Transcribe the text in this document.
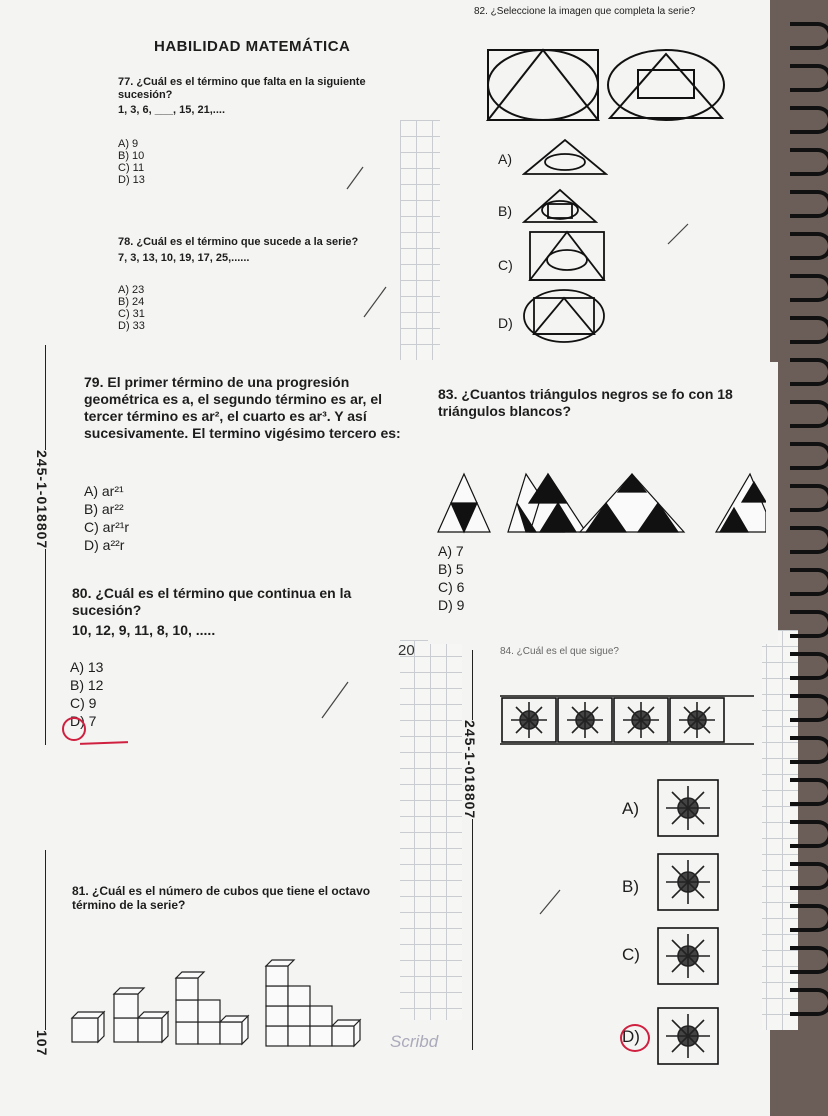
245-1-018807
107
HABILIDAD MATEMÁTICA
77. ¿Cuál es el término que falta en la siguiente sucesión?
1, 3, 6, ___, 15, 21,....
A) 9
B) 10
C) 11
D) 13
78. ¿Cuál es el término que sucede a la serie?
7, 3, 13, 10, 19, 17, 25,......
A) 23
B) 24
C) 31
D) 33
79. El primer término de una progresión geométrica es a, el segundo término es ar, el tercer término es ar², el cuarto es ar³. Y así sucesivamente. El termino vigésimo tercero es:
A) ar²¹
B) ar²²
C) ar²¹r
D) a²²r
80. ¿Cuál es el término que continua en la sucesión?
10, 12, 9, 11, 8, 10, .....
A) 13
B) 12
C) 9
D) 7
20
81. ¿Cuál es el número de cubos que tiene el octavo término de la serie?
82. ¿Seleccione la imagen que completa la serie?
A)
B)
C)
D)
83. ¿Cuantos triángulos negros se fo con 18 triángulos blancos?
A) 7
B) 5
C) 6
D) 9
84. ¿Cuál es el que sigue?
245-1-018807	A)
B)
C)
D)
Scribd
